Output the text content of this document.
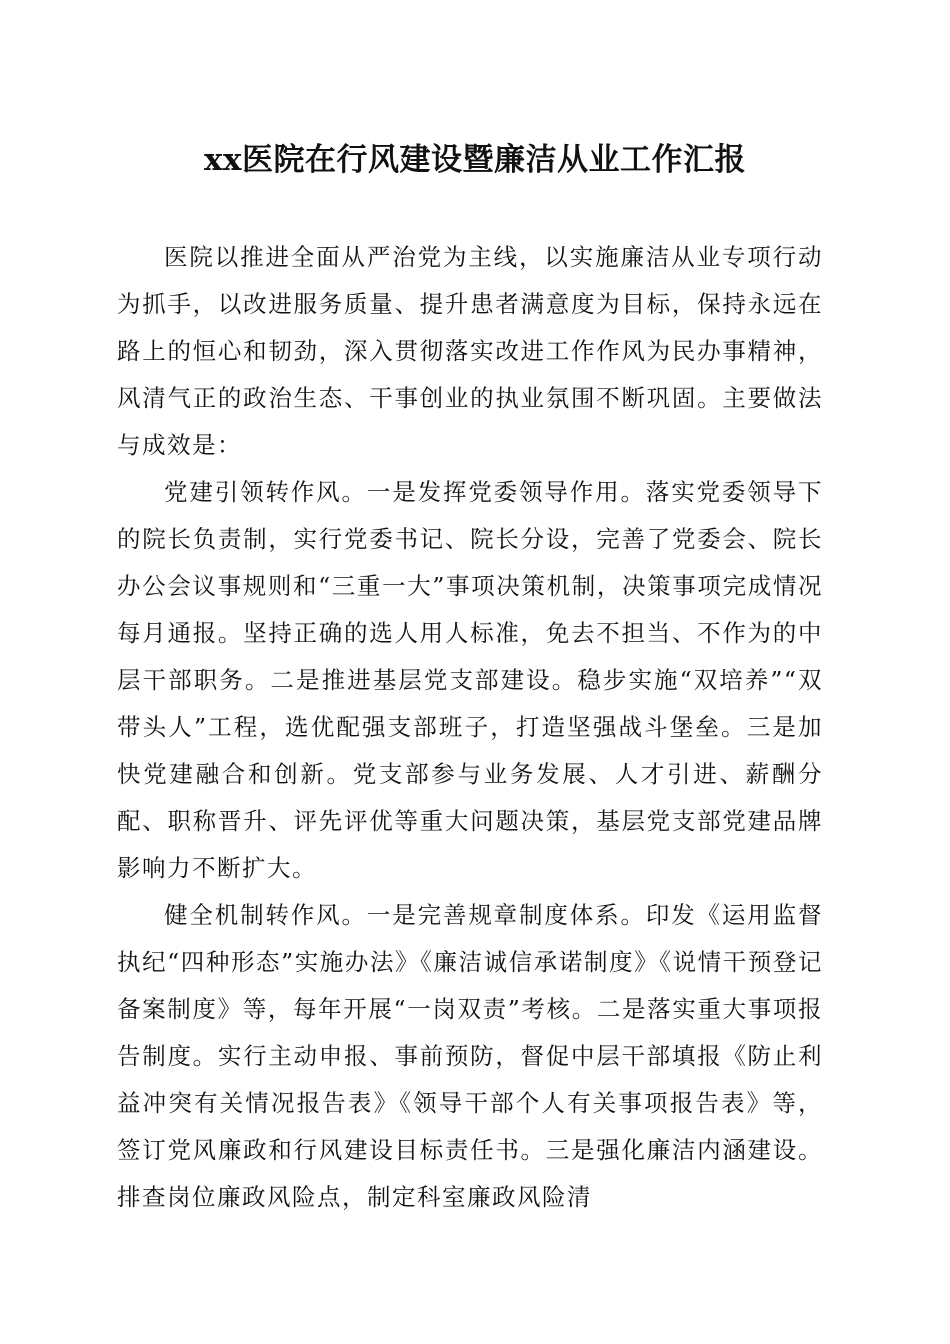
xx医院在行风建设暨廉洁从业工作汇报

医院以推进全面从严治党为主线，以实施廉洁从业专项行动为抓手，以改进服务质量、提升患者满意度为目标，保持永远在路上的恒心和韧劲，深入贯彻落实改进工作作风为民办事精神，风清气正的政治生态、干事创业的执业氛围不断巩固。主要做法与成效是：

党建引领转作风。一是发挥党委领导作用。落实党委领导下的院长负责制，实行党委书记、院长分设，完善了党委会、院长办公会议事规则和“三重一大”事项决策机制，决策事项完成情况每月通报。坚持正确的选人用人标准，免去不担当、不作为的中层干部职务。二是推进基层党支部建设。稳步实施“双培养”“双带头人”工程，选优配强支部班子，打造坚强战斗堡垒。三是加快党建融合和创新。党支部参与业务发展、人才引进、薪酬分配、职称晋升、评先评优等重大问题决策，基层党支部党建品牌影响力不断扩大。

健全机制转作风。一是完善规章制度体系。印发《运用监督执纪“四种形态”实施办法》《廉洁诚信承诺制度》《说情干预登记备案制度》等，每年开展“一岗双责”考核。二是落实重大事项报告制度。实行主动申报、事前预防，督促中层干部填报《防止利益冲突有关情况报告表》《领导干部个人有关事项报告表》等，签订党风廉政和行风建设目标责任书。三是强化廉洁内涵建设。排查岗位廉政风险点，制定科室廉政风险清
